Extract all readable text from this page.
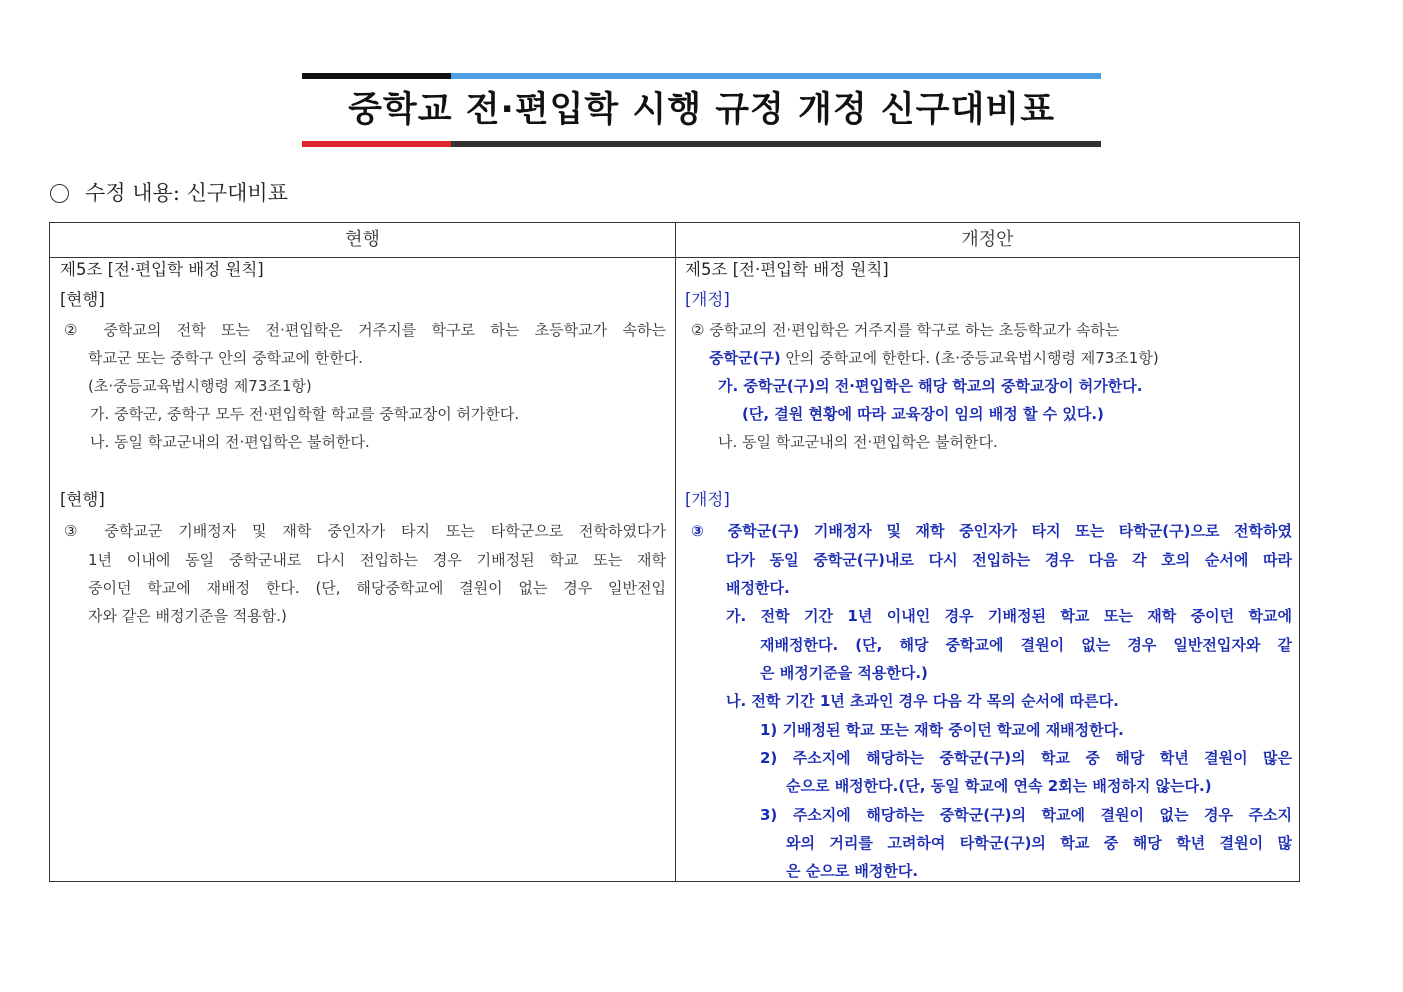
중학교 전·편입학 시행 규정 개정 신구대비표
수정 내용: 신구대비표
현행	개정안
제5조 [전·편입학 배정 원칙]
[현행]
② 중학교의 전학 또는 전·편입학은 거주지를 학구로 하는 초등학교가 속하는
학교군 또는 중학구 안의 중학교에 한한다.
(초·중등교육법시행령 제73조1항)
가. 중학군, 중학구 모두 전·편입학할 학교를 중학교장이 허가한다.
나. 동일 학교군내의 전·편입학은 불허한다.
[현행]
③ 중학교군 기배정자 및 재학 중인자가 타지 또는 타학군으로 전학하였다가
1년 이내에 동일 중학군내로 다시 전입하는 경우 기배정된 학교 또는 재학
중이던 학교에 재배정 한다. (단, 해당중학교에 결원이 없는 경우 일반전입
자와 같은 배정기준을 적용함.)
제5조 [전·편입학 배정 원칙]
[개정]
② 중학교의 전·편입학은 거주지를 학구로 하는 초등학교가 속하는
중학군(구) 안의 중학교에 한한다. (초·중등교육법시행령 제73조1항)
가. 중학군(구)의 전·편입학은 해당 학교의 중학교장이 허가한다.
(단, 결원 현황에 따라 교육장이 임의 배정 할 수 있다.)
나. 동일 학교군내의 전·편입학은 불허한다.
[개정]
③ 중학군(구) 기배정자 및 재학 중인자가 타지 또는 타학군(구)으로 전학하였
다가 동일 중학군(구)내로 다시 전입하는 경우 다음 각 호의 순서에 따라
배정한다.
가. 전학 기간 1년 이내인 경우 기배정된 학교 또는 재학 중이던 학교에
재배정한다. (단, 해당 중학교에 결원이 없는 경우 일반전입자와 같
은 배정기준을 적용한다.)
나. 전학 기간 1년 초과인 경우 다음 각 목의 순서에 따른다.
1) 기배정된 학교 또는 재학 중이던 학교에 재배정한다.
2) 주소지에 해당하는 중학군(구)의 학교 중 해당 학년 결원이 많은
순으로 배정한다.(단, 동일 학교에 연속 2회는 배정하지 않는다.)
3) 주소지에 해당하는 중학군(구)의 학교에 결원이 없는 경우 주소지
와의 거리를 고려하여 타학군(구)의 학교 중 해당 학년 결원이 많
은 순으로 배정한다.
